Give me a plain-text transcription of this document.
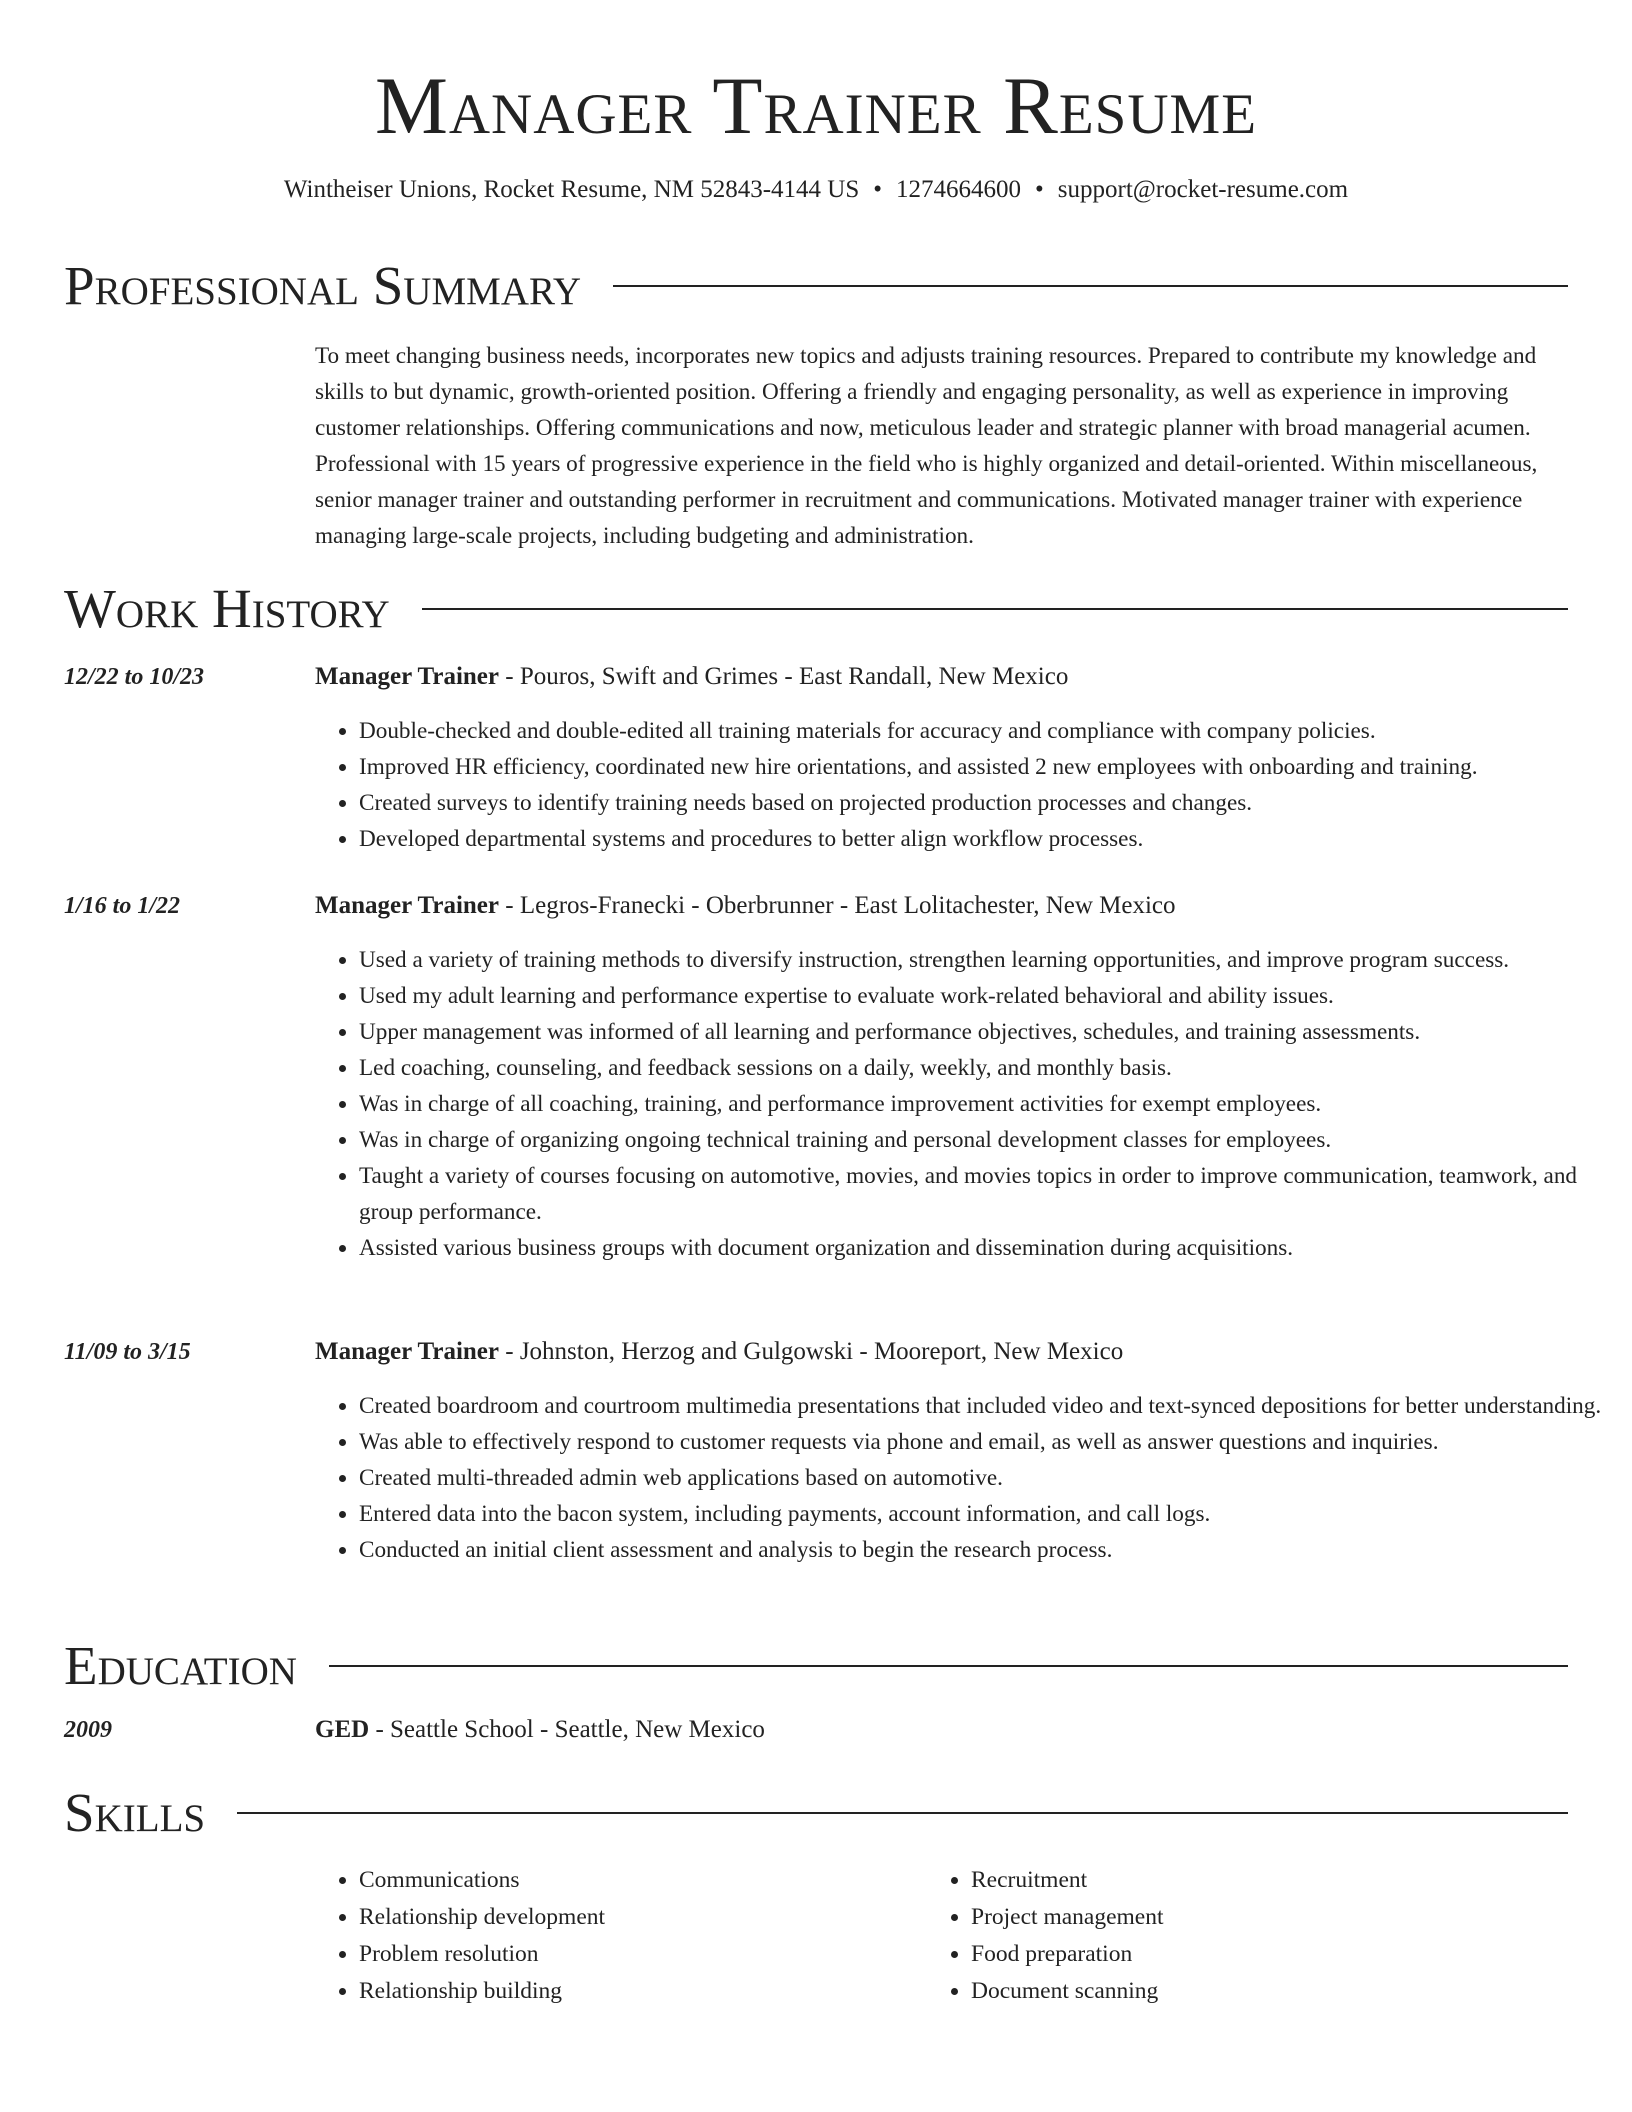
Manager Trainer Resume
Wintheiser Unions, Rocket Resume, NM 52843-4144 US • 1274664600 • support@rocket-resume.com
Professional Summary

To meet changing business needs, incorporates new topics and adjusts training resources. Prepared to contribute my knowledge and skills to but dynamic, growth-oriented position. Offering a friendly and engaging personality, as well as experience in improving customer relationships. Offering communications and now, meticulous leader and strategic planner with broad managerial acumen. Professional with 15 years of progressive experience in the field who is highly organized and detail-oriented. Within miscellaneous, senior manager trainer and outstanding performer in recruitment and communications. Motivated manager trainer with experience managing large-scale projects, including budgeting and administration.

Work History
12/22 to 10/23	Manager Trainer - Pouros, Swift and Grimes - East Randall, New Mexico
• Double-checked and double-edited all training materials for accuracy and compliance with company policies.
• Improved HR efficiency, coordinated new hire orientations, and assisted 2 new employees with onboarding and training.
• Created surveys to identify training needs based on projected production processes and changes.
• Developed departmental systems and procedures to better align workflow processes.
1/16 to 1/22	Manager Trainer - Legros-Franecki - Oberbrunner - East Lolitachester, New Mexico
• Used a variety of training methods to diversify instruction, strengthen learning opportunities, and improve program success.
• Used my adult learning and performance expertise to evaluate work-related behavioral and ability issues.
• Upper management was informed of all learning and performance objectives, schedules, and training assessments.
• Led coaching, counseling, and feedback sessions on a daily, weekly, and monthly basis.
• Was in charge of all coaching, training, and performance improvement activities for exempt employees.
• Was in charge of organizing ongoing technical training and personal development classes for employees.
• Taught a variety of courses focusing on automotive, movies, and movies topics in order to improve communication, teamwork, and group performance.
• Assisted various business groups with document organization and dissemination during acquisitions.
11/09 to 3/15	Manager Trainer - Johnston, Herzog and Gulgowski - Mooreport, New Mexico
• Created boardroom and courtroom multimedia presentations that included video and text-synced depositions for better understanding.
• Was able to effectively respond to customer requests via phone and email, as well as answer questions and inquiries.
• Created multi-threaded admin web applications based on automotive.
• Entered data into the bacon system, including payments, account information, and call logs.
• Conducted an initial client assessment and analysis to begin the research process.
Education
2009	GED - Seattle School - Seattle, New Mexico
Skills
• Communications
• Relationship development
• Problem resolution
• Relationship building
• Recruitment
• Project management
• Food preparation
• Document scanning
